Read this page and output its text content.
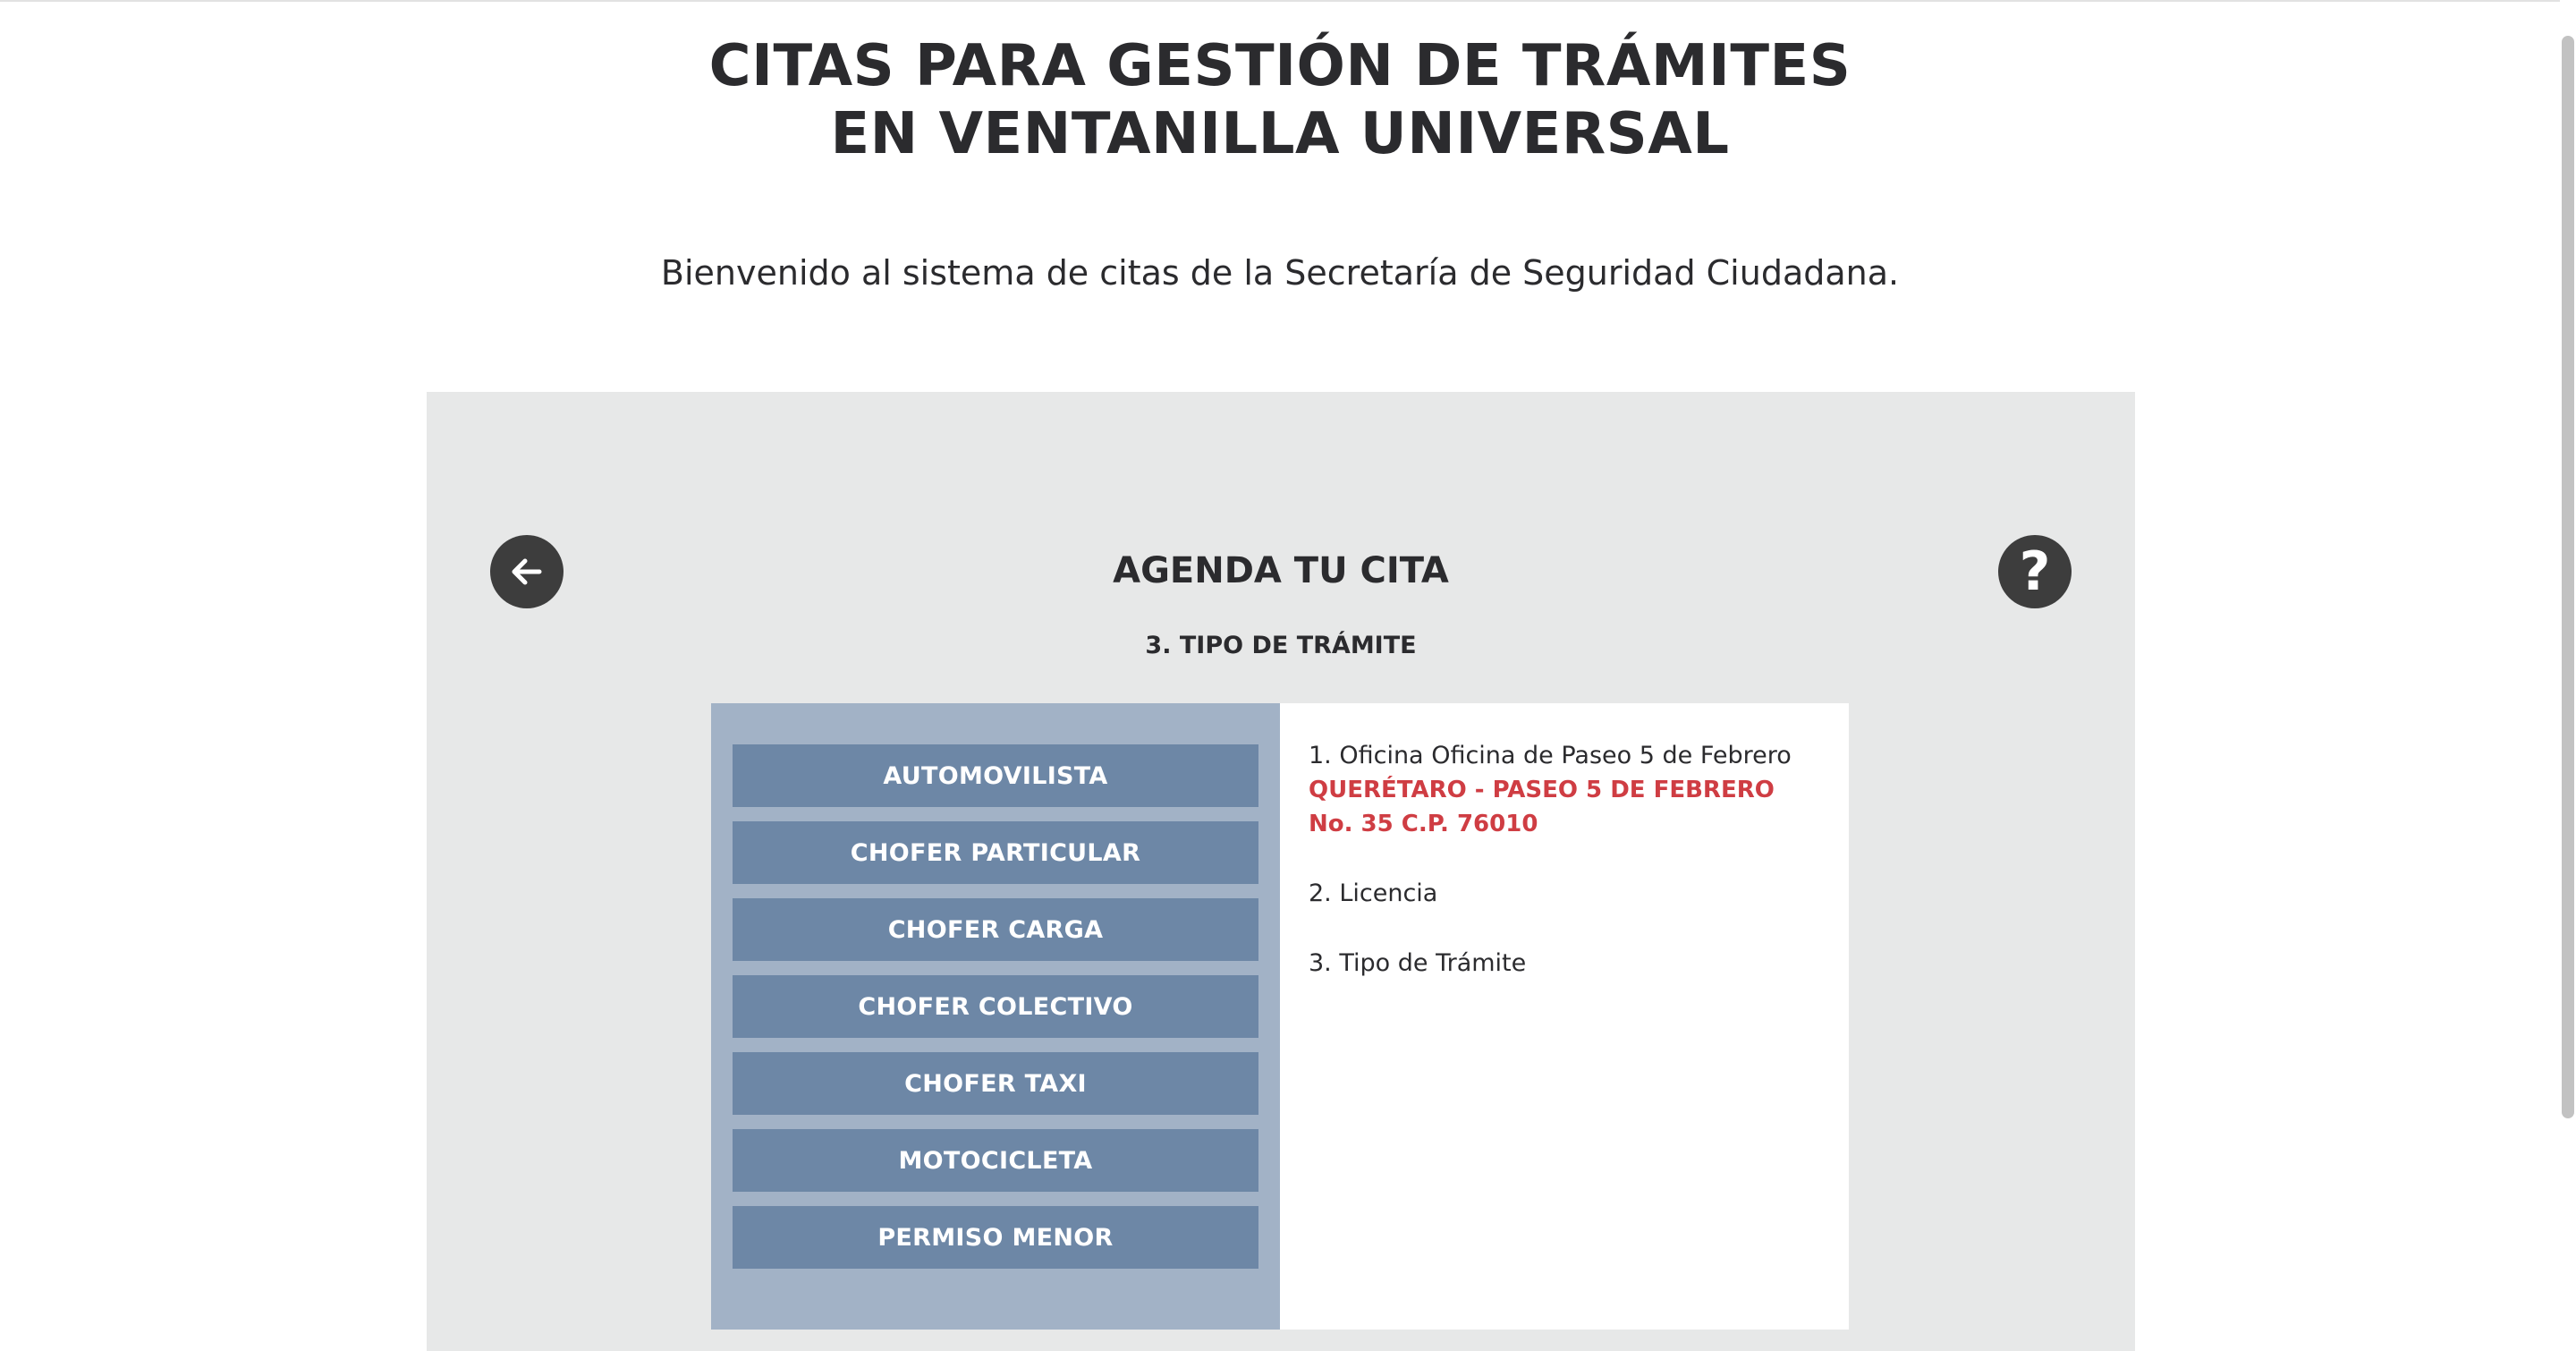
CITAS PARA GESTIÓN DE TRÁMITES
EN VENTANILLA UNIVERSAL

Bienvenido al sistema de citas de la Secretaría de Seguridad Ciudadana.

AGENDA TU CITA	?
3. TIPO DE TRÁMITE
AUTOMOVILISTA
CHOFER PARTICULAR
CHOFER CARGA
CHOFER COLECTIVO
CHOFER TAXI
MOTOCICLETA
PERMISO MENOR
1. Oficina Oficina de Paseo 5 de Febrero
QUERÉTARO - PASEO 5 DE FEBRERO No. 35 C.P. 76010
2. Licencia
3. Tipo de Trámite
